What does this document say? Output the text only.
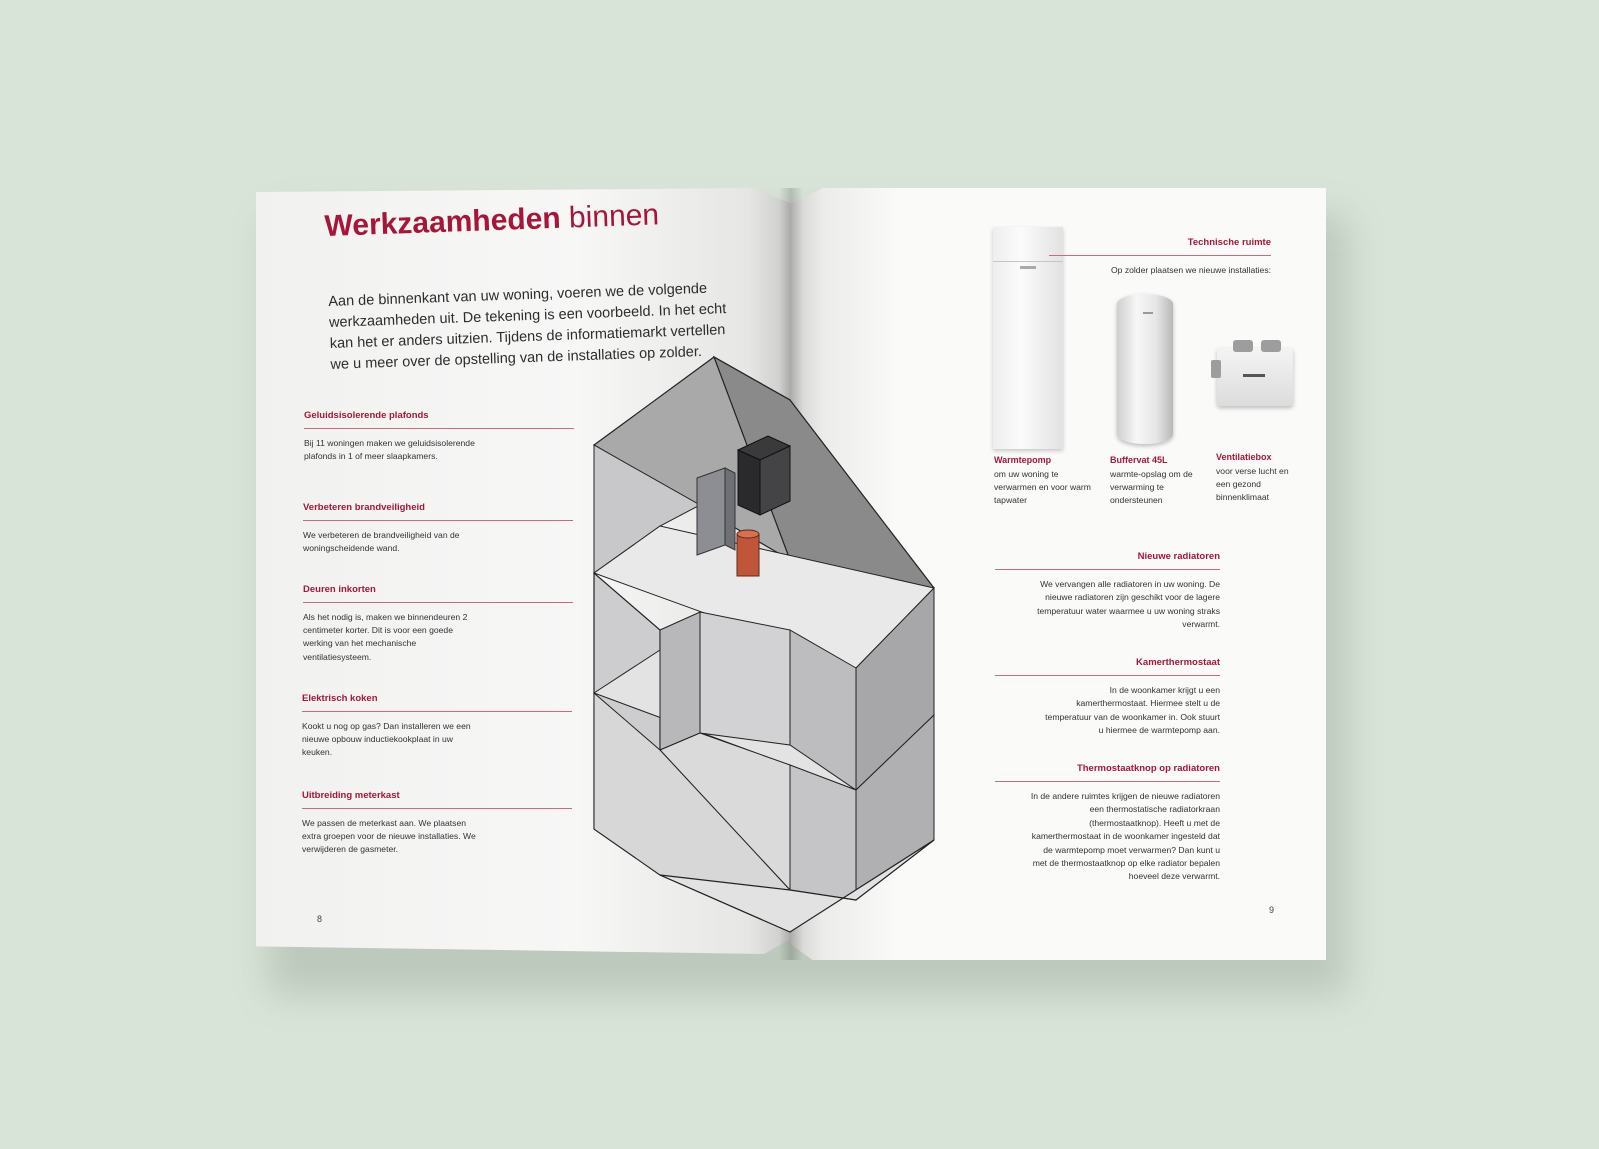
Werkzaamheden binnen

Aan de binnenkant van uw woning, voeren we de volgende werkzaamheden uit. De tekening is een voorbeeld. In het echt kan het er anders uitzien. Tijdens de informatiemarkt vertellen we u meer over de opstelling van de installaties op zolder.

Geluidsisolerende plafonds

Bij 11 woningen maken we geluidsisolerende plafonds in 1 of meer slaapkamers.

Verbeteren brandveiligheid

We verbeteren de brandveiligheid van de woningscheidende wand.

Deuren inkorten

Als het nodig is, maken we binnendeuren 2 centimeter korter. Dit is voor een goede werking van het mechanische ventilatiesysteem.

Elektrisch koken

Kookt u nog op gas? Dan installeren we een nieuwe opbouw inductiekookplaat in uw keuken.

Uitbreiding meterkast

We passen de meterkast aan. We plaatsen extra groepen voor de nieuwe installaties. We verwijderen de gasmeter.

8

Technische ruimte

Op zolder plaatsen we nieuwe installaties:

Warmtepomp

om uw woning te verwarmen en voor warm tapwater

Buffervat 45L

warmte-opslag om de verwarming te ondersteunen

Ventilatiebox

voor verse lucht en een gezond binnenklimaat

Nieuwe radiatoren

We vervangen alle radiatoren in uw woning. De nieuwe radiatoren zijn geschikt voor de lagere temperatuur water waarmee u uw woning straks verwarmt.

Kamerthermostaat

In de woonkamer krijgt u een kamerthermostaat. Hiermee stelt u de temperatuur van de woonkamer in. Ook stuurt u hiermee de warmtepomp aan.

Thermostaatknop op radiatoren

In de andere ruimtes krijgen de nieuwe radiatoren een thermostatische radiatorkraan (thermostaatknop). Heeft u met de kamerthermostaat in de woonkamer ingesteld dat de warmtepomp moet verwarmen? Dan kunt u met de thermostaatknop op elke radiator bepalen hoeveel deze verwarmt.

9
